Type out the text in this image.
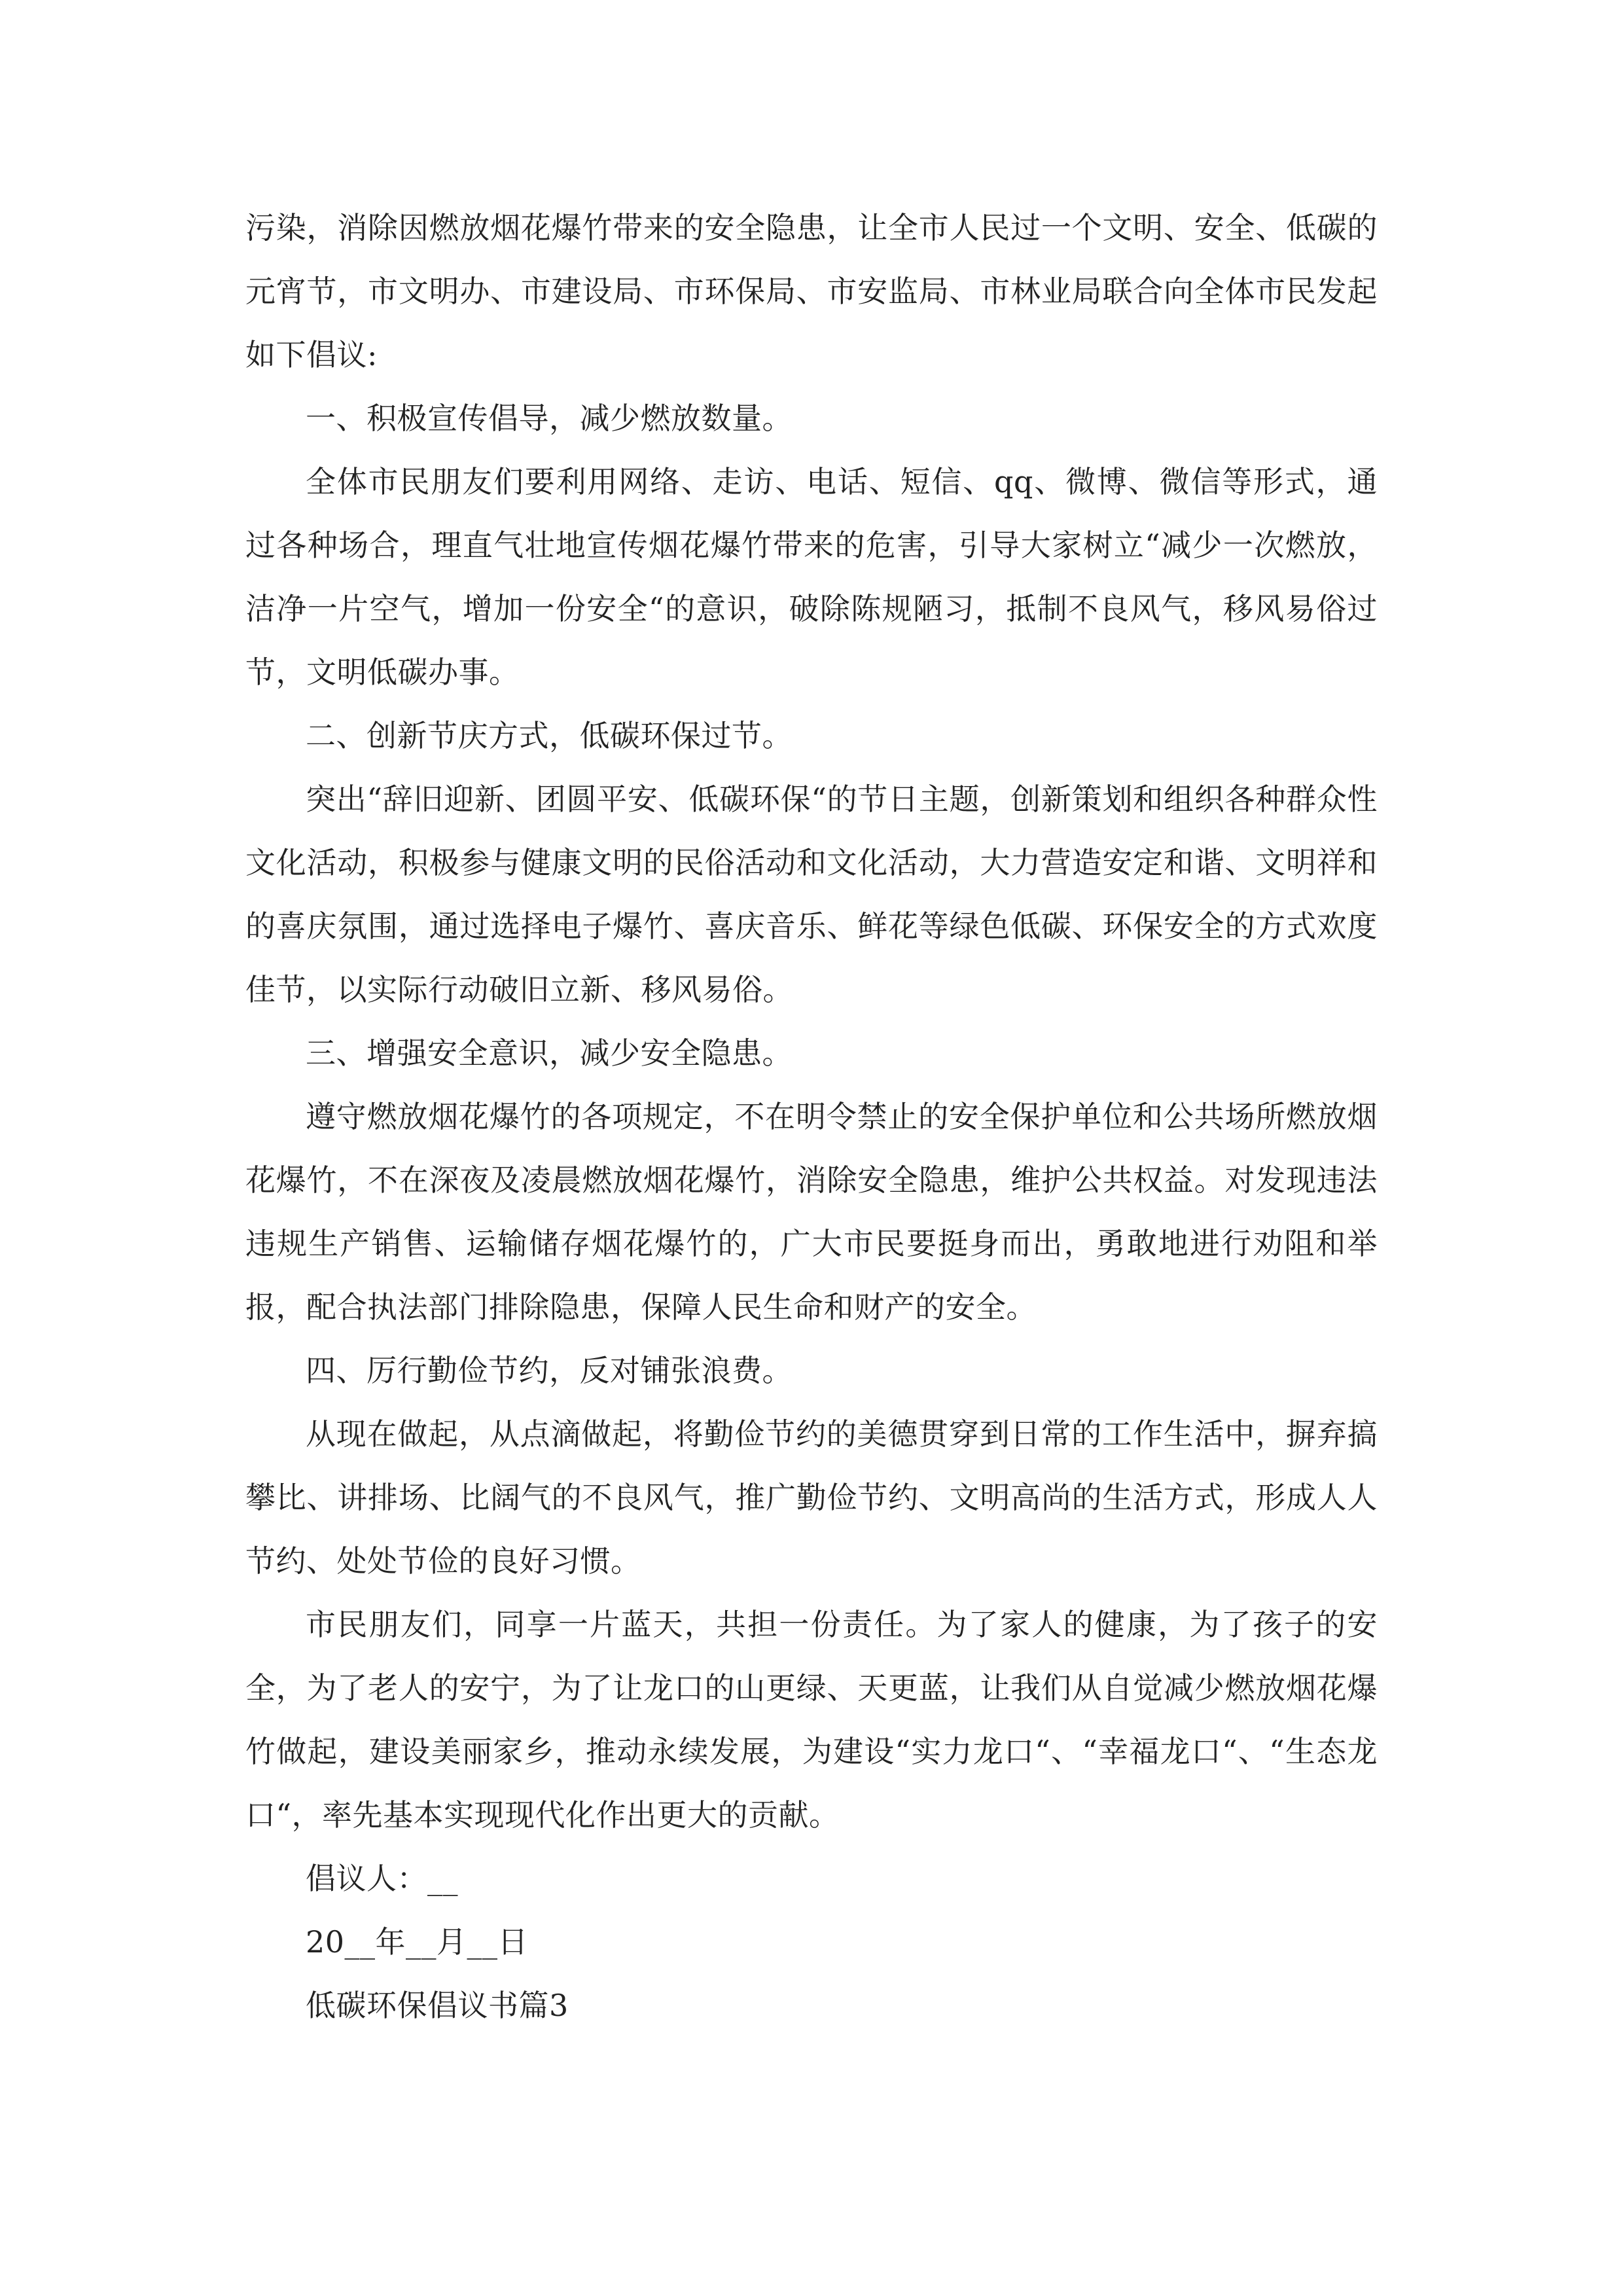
污染，消除因燃放烟花爆竹带来的安全隐患，让全市人民过一个文明、安全、低碳的元宵节，市文明办、市建设局、市环保局、市安监局、市林业局联合向全体市民发起如下倡议:

一、积极宣传倡导，减少燃放数量。

全体市民朋友们要利用网络、走访、电话、短信、qq、微博、微信等形式，通过各种场合，理直气壮地宣传烟花爆竹带来的危害，引导大家树立“减少一次燃放，洁净一片空气，增加一份安全“的意识，破除陈规陋习，抵制不良风气，移风易俗过节，文明低碳办事。

二、创新节庆方式，低碳环保过节。

突出“辞旧迎新、团圆平安、低碳环保“的节日主题，创新策划和组织各种群众性文化活动，积极参与健康文明的民俗活动和文化活动，大力营造安定和谐、文明祥和的喜庆氛围，通过选择电子爆竹、喜庆音乐、鲜花等绿色低碳、环保安全的方式欢度佳节，以实际行动破旧立新、移风易俗。

三、增强安全意识，减少安全隐患。

遵守燃放烟花爆竹的各项规定，不在明令禁止的安全保护单位和公共场所燃放烟花爆竹，不在深夜及凌晨燃放烟花爆竹，消除安全隐患，维护公共权益。对发现违法违规生产销售、运输储存烟花爆竹的，广大市民要挺身而出，勇敢地进行劝阻和举报，配合执法部门排除隐患，保障人民生命和财产的安全。

四、厉行勤俭节约，反对铺张浪费。

从现在做起，从点滴做起，将勤俭节约的美德贯穿到日常的工作生活中，摒弃搞攀比、讲排场、比阔气的不良风气，推广勤俭节约、文明高尚的生活方式，形成人人节约、处处节俭的良好习惯。

市民朋友们，同享一片蓝天，共担一份责任。为了家人的健康，为了孩子的安全，为了老人的安宁，为了让龙口的山更绿、天更蓝，让我们从自觉减少燃放烟花爆竹做起，建设美丽家乡，推动永续发展，为建设“实力龙口“、“幸福龙口“、“生态龙口“，率先基本实现现代化作出更大的贡献。

倡议人：__

20__年__月__日

低碳环保倡议书篇3
